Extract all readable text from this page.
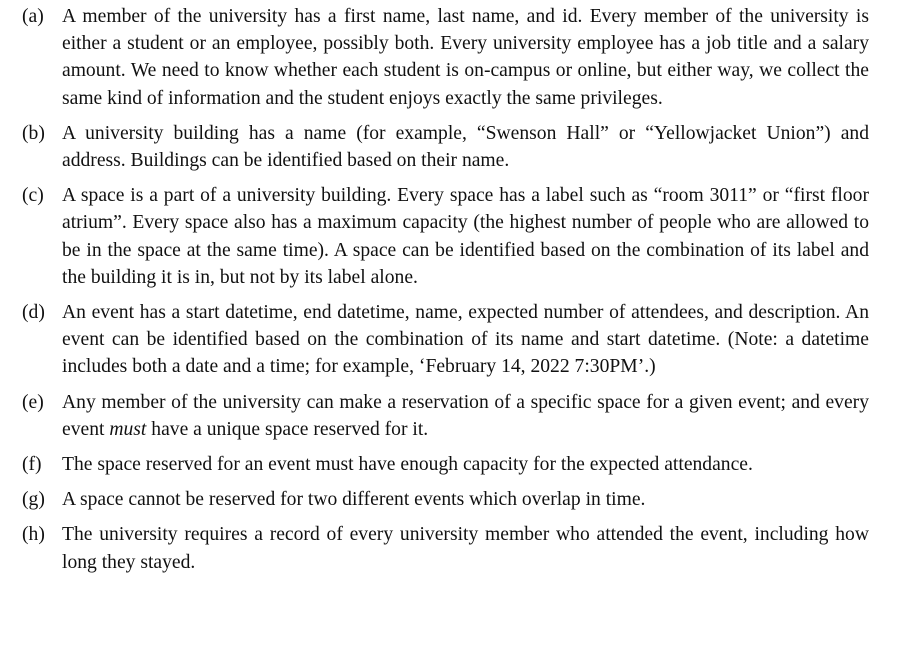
(a) A member of the university has a first name, last name, and id. Every member of the university is either a student or an employee, possibly both. Every university employee has a job title and a salary amount. We need to know whether each student is on-campus or online, but either way, we collect the same kind of information and the student enjoys exactly the same privileges.
(b) A university building has a name (for example, “Swenson Hall” or “Yellowjacket Union”) and address. Buildings can be identified based on their name.
(c) A space is a part of a university building. Every space has a label such as “room 3011” or “first floor atrium”. Every space also has a maximum capacity (the highest number of people who are allowed to be in the space at the same time). A space can be identified based on the combination of its label and the building it is in, but not by its label alone.
(d) An event has a start datetime, end datetime, name, expected number of attendees, and description. An event can be identified based on the combination of its name and start datetime. (Note: a datetime includes both a date and a time; for example, ‘February 14, 2022 7:30PM’.)
(e) Any member of the university can make a reservation of a specific space for a given event; and every event must have a unique space reserved for it.
(f)	The space reserved for an event must have enough capacity for the expected attendance.
(g) A space cannot be reserved for two different events which overlap in time.
(h) The university requires a record of every university member who attended the event, including how long they stayed.
